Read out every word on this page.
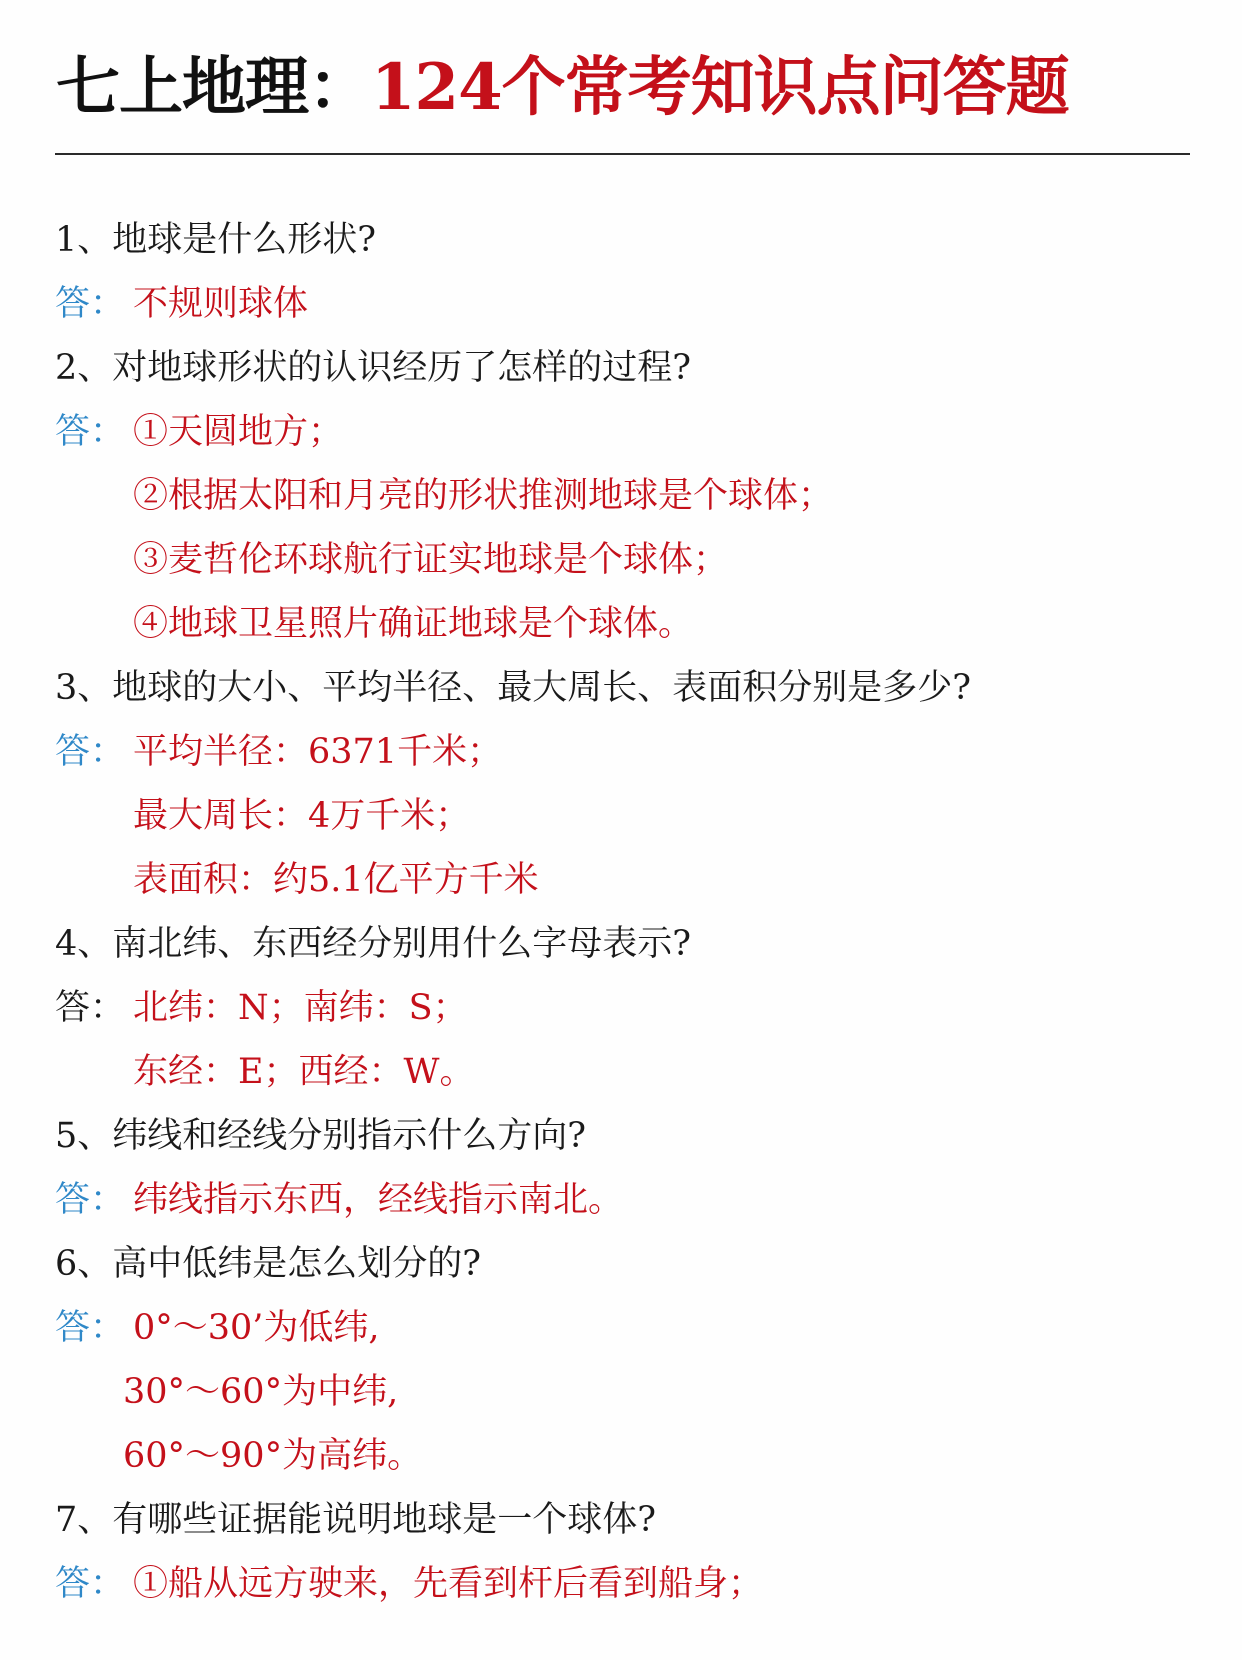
七上地理：124个常考知识点问答题
1、地球是什么形状?
答： 不规则球体
2、对地球形状的认识经历了怎样的过程?
答： ①天圆地方；
②根据太阳和月亮的形状推测地球是个球体；
③麦哲伦环球航行证实地球是个球体；
④地球卫星照片确证地球是个球体。
3、地球的大小、平均半径、最大周长、表面积分别是多少?
答： 平均半径：6371千米；
最大周长：4万千米；
表面积：约5.1亿平方千米
4、南北纬、东西经分别用什么字母表示?
答： 北纬：N；南纬：S；
东经：E；西经：W。
5、纬线和经线分别指示什么方向?
答： 纬线指示东西，经线指示南北。
6、高中低纬是怎么划分的?
答： 0°～30’为低纬,
30°～60°为中纬,
60°～90°为高纬。
7、有哪些证据能说明地球是一个球体?
答： ①船从远方驶来，先看到杆后看到船身；
